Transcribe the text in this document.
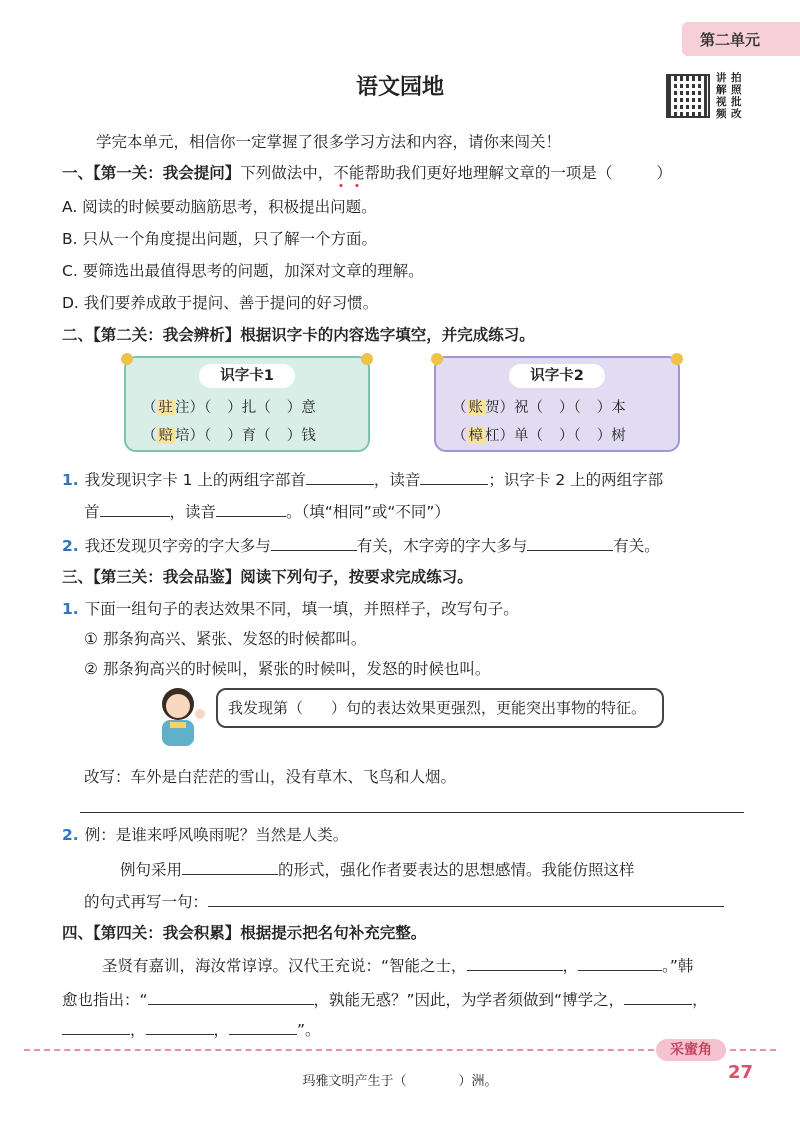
第二单元
语文园地	讲 拍
解 照
视 批
频 改
学完本单元，相信你一定掌握了很多学习方法和内容，请你来闯关！
一、【第一关：我会提问】下列做法中，不能帮助我们更好地理解文章的一项是（	）
A. 阅读的时候要动脑筋思考，积极提出问题。
B. 只从一个角度提出问题，只了解一个方面。
C. 要筛选出最值得思考的问题，加深对文章的理解。
D. 我们要养成敢于提问、善于提问的好习惯。
二、【第二关：我会辨析】根据识字卡的内容选字填空，并完成练习。
识字卡1
（ 驻 注）（ ）扎（ ）意
（ 赔 培）（ ）育（ ）钱
识字卡2
（ 账 贺）祝（ ）（ ）本
（ 樟 杠）单（ ）（ ）树
1. 我发现识字卡 1 上的两组字部首	，读音	；识字卡 2 上的两组字部
首	，读音	。（填“相同”或“不同”）
2. 我还发现贝字旁的字大多与	有关，木字旁的字大多与	有关。
三、【第三关：我会品鉴】阅读下列句子，按要求完成练习。
1. 下面一组句子的表达效果不同，填一填，并照样子，改写句子。
① 那条狗高兴、紧张、发怒的时候都叫。
② 那条狗高兴的时候叫，紧张的时候叫，发怒的时候也叫。
我发现第（ ）句的表达效果更强烈，更能突出事物的特征。
改写：车外是白茫茫的雪山，没有草木、飞鸟和人烟。
2. 例：是谁来呼风唤雨呢？当然是人类。
例句采用	的形式，强化作者要表达的思想感情。我能仿照这样
的句式再写一句：
四、【第四关：我会积累】根据提示把名句补充完整。
圣贤有嘉训，海汝常谆谆。汉代王充说：“智能之士，	，	。”韩
愈也指出：“	，孰能无惑？”因此，为学者须做到“博学之，	，
，	，	”。
采蜜角
玛雅文明产生于（　　　　）洲。	27
